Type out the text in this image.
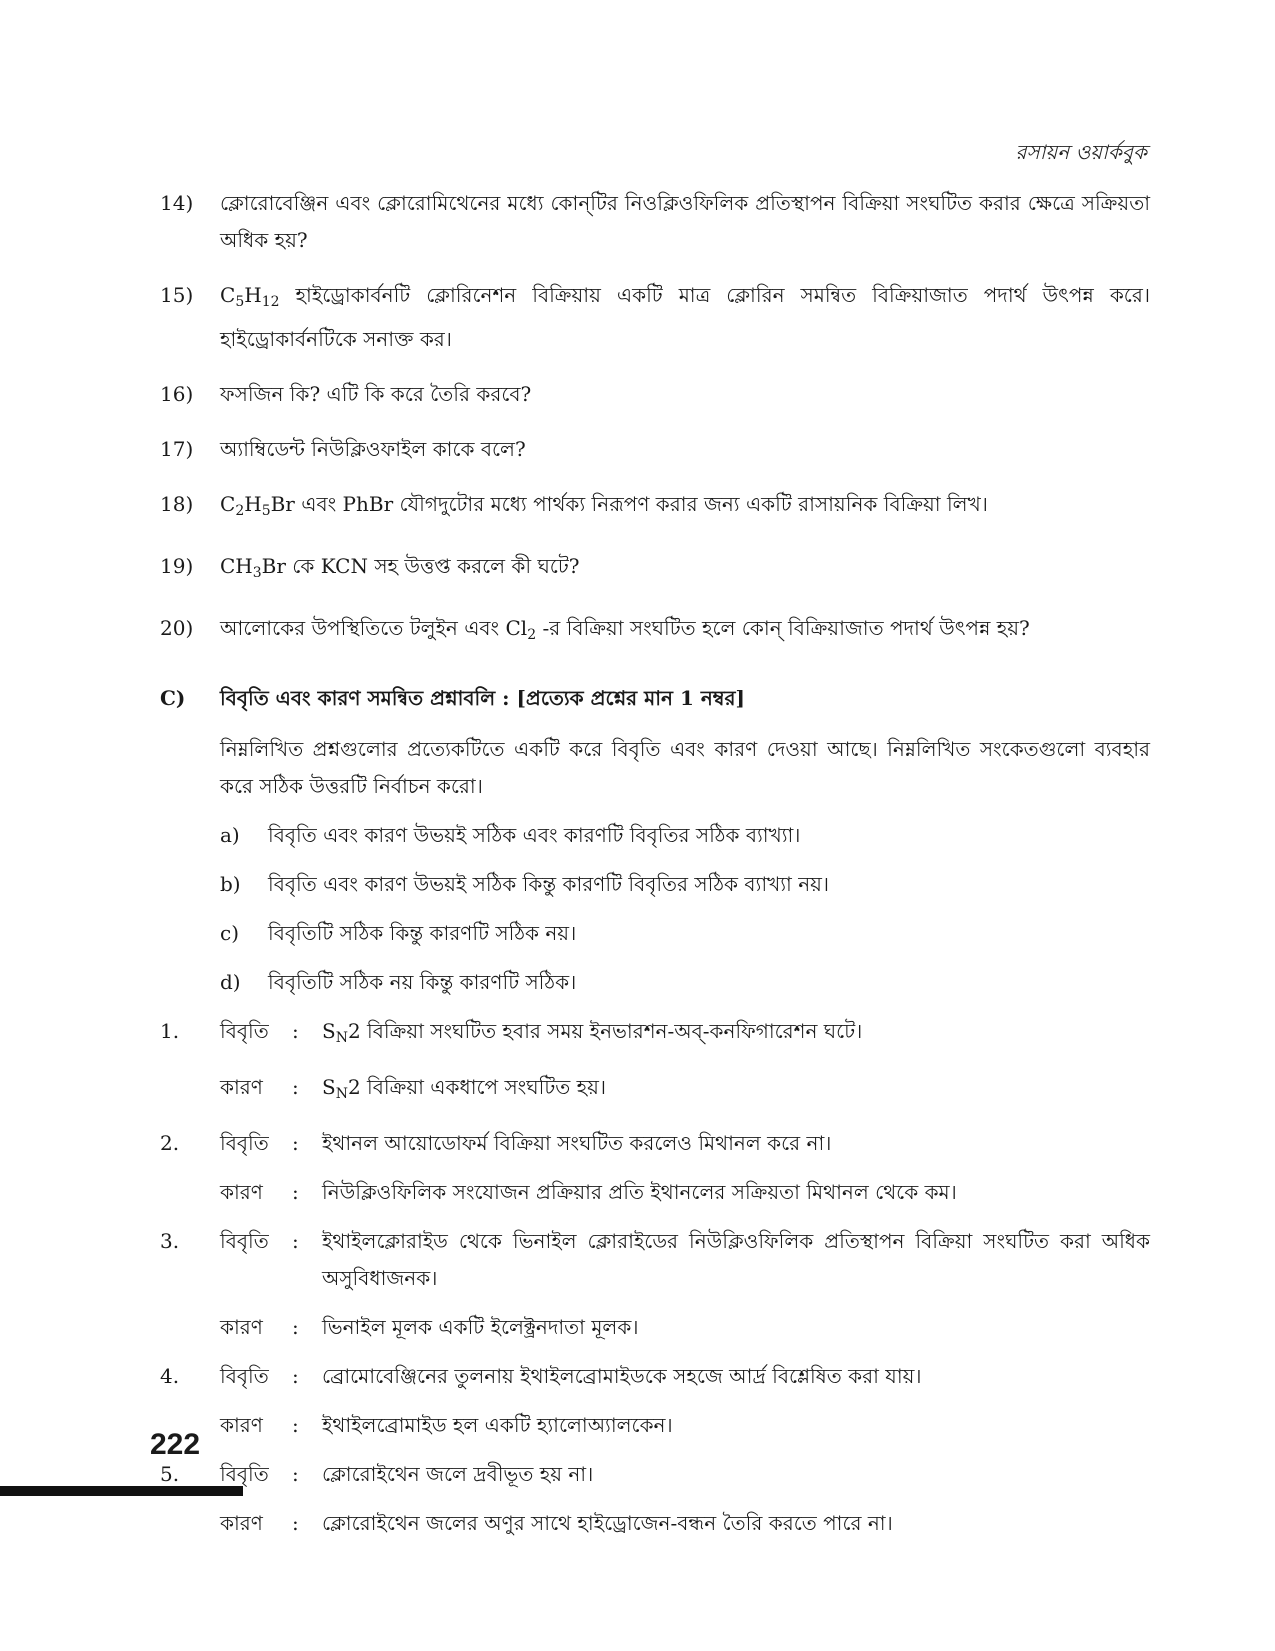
রসায়ন ওয়ার্কবুক
14)	ক্লোরোবেঞ্জিন এবং ক্লোরোমিথেনের মধ্যে কোন্‌টির নিওক্লিওফিলিক প্রতিস্থাপন বিক্রিয়া সংঘটিত করার ক্ষেত্রে সক্রিয়তা অধিক হয়?
15)	$C_5H_{12}$ হাইড্রোকার্বনটি ক্লোরিনেশন বিক্রিয়ায় একটি মাত্র ক্লোরিন সমন্বিত বিক্রিয়াজাত পদার্থ উৎপন্ন করে। হাইড্রোকার্বনটিকে সনাক্ত কর।
16)	ফসজিন কি? এটি কি করে তৈরি করবে?
17)	অ্যাম্বিডেন্ট নিউক্লিওফাইল কাকে বলে?
18)	$C_2H_5Br$ এবং PhBr যৌগদুটোর মধ্যে পার্থক্য নিরূপণ করার জন্য একটি রাসায়নিক বিক্রিয়া লিখ।
19)	$CH_3Br$ কে KCN সহ উত্তপ্ত করলে কী ঘটে?
20)	আলোকের উপস্থিতিতে টলুইন এবং $Cl_2$ -র বিক্রিয়া সংঘটিত হলে কোন্‌ বিক্রিয়াজাত পদার্থ উৎপন্ন হয়?
C)	বিবৃতি এবং কারণ সমন্বিত প্রশ্নাবলি : [প্রত্যেক প্রশ্নের মান 1 নম্বর]
নিম্নলিখিত প্রশ্নগুলোর প্রত্যেকটিতে একটি করে বিবৃতি এবং কারণ দেওয়া আছে। নিম্নলিখিত সংকেতগুলো ব্যবহার করে সঠিক উত্তরটি নির্বাচন করো।
a)	বিবৃতি এবং কারণ উভয়ই সঠিক এবং কারণটি বিবৃতির সঠিক ব্যাখ্যা।
b)	বিবৃতি এবং কারণ উভয়ই সঠিক কিন্তু কারণটি বিবৃতির সঠিক ব্যাখ্যা নয়।
c)	বিবৃতিটি সঠিক কিন্তু কারণটি সঠিক নয়।
d)	বিবৃতিটি সঠিক নয় কিন্তু কারণটি সঠিক।
1.	বিবৃতি	:	$S_N2$ বিক্রিয়া সংঘটিত হবার সময় ইনভারশন-অব্‌-কনফিগারেশন ঘটে।
কারণ	:	$S_N2$ বিক্রিয়া একধাপে সংঘটিত হয়।
2.	বিবৃতি	:	ইথানল আয়োডোফর্ম বিক্রিয়া সংঘটিত করলেও মিথানল করে না।
কারণ	:	নিউক্লিওফিলিক সংযোজন প্রক্রিয়ার প্রতি ইথানলের সক্রিয়তা মিথানল থেকে কম।
3.	বিবৃতি	:	ইথাইলক্লোরাইড থেকে ভিনাইল ক্লোরাইডের নিউক্লিওফিলিক প্রতিস্থাপন বিক্রিয়া সংঘটিত করা অধিক অসুবিধাজনক।
কারণ	:	ভিনাইল মূলক একটি ইলেক্ট্রনদাতা মূলক।
4.	বিবৃতি	:	ব্রোমোবেঞ্জিনের তুলনায় ইথাইলব্রোমাইডকে সহজে আর্দ্র বিশ্লেষিত করা যায়।
কারণ	:	ইথাইলব্রোমাইড হল একটি হ্যালোঅ্যালকেন।
5.	বিবৃতি	:	ক্লোরোইথেন জলে দ্রবীভূত হয় না।
কারণ	:	ক্লোরোইথেন জলের অণুর সাথে হাইড্রোজেন-বন্ধন তৈরি করতে পারে না।
222
